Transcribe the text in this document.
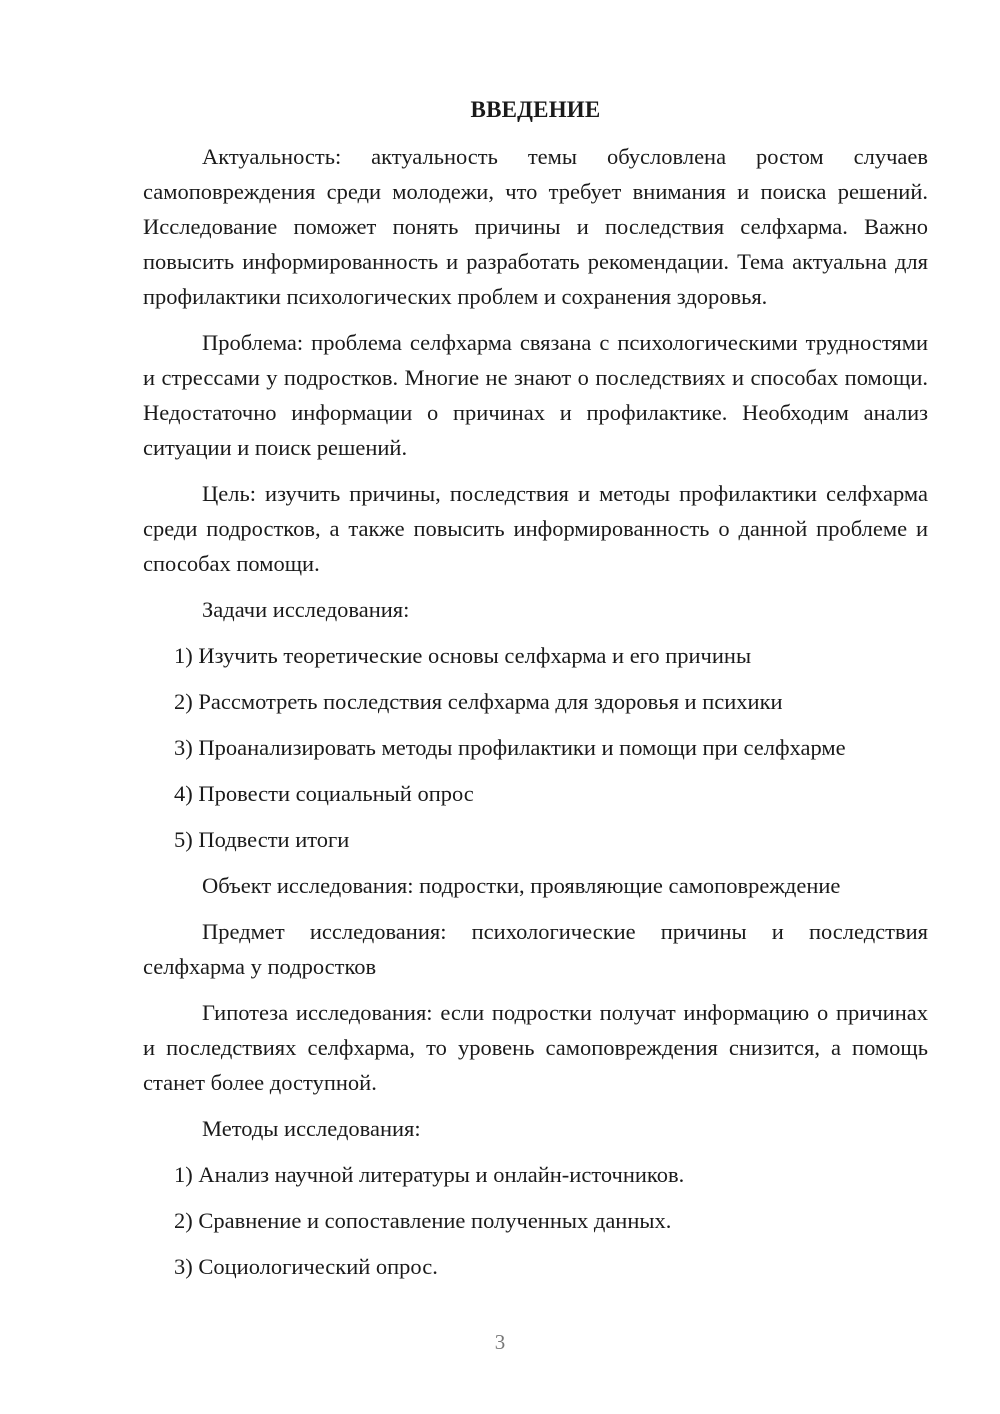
ВВЕДЕНИЕ

Актуальность: актуальность темы обусловлена ростом случаев самоповреждения среди молодежи, что требует внимания и поиска решений. Исследование поможет понять причины и последствия селфхарма. Важно повысить информированность и разработать рекомендации. Тема актуальна для профилактики психологических проблем и сохранения здоровья.

Проблема: проблема селфхарма связана с психологическими трудностями и стрессами у подростков. Многие не знают о последствиях и способах помощи. Недостаточно информации о причинах и профилактике. Необходим анализ ситуации и поиск решений.

Цель: изучить причины, последствия и методы профилактики селфхарма среди подростков, а также повысить информированность о данной проблеме и способах помощи.

Задачи исследования:

1) Изучить теоретические основы селфхарма и его причины
2) Рассмотреть последствия селфхарма для здоровья и психики
3) Проанализировать методы профилактики и помощи при селфхарме
4) Провести социальный опрос
5) Подвести итоги

Объект исследования: подростки, проявляющие самоповреждение

Предмет исследования: психологические причины и последствия селфхарма у подростков

Гипотеза исследования: если подростки получат информацию о причинах и последствиях селфхарма, то уровень самоповреждения снизится, а помощь станет более доступной.

Методы исследования:

1) Анализ научной литературы и онлайн-источников.
2) Сравнение и сопоставление полученных данных.
3) Социологический опрос.
3
